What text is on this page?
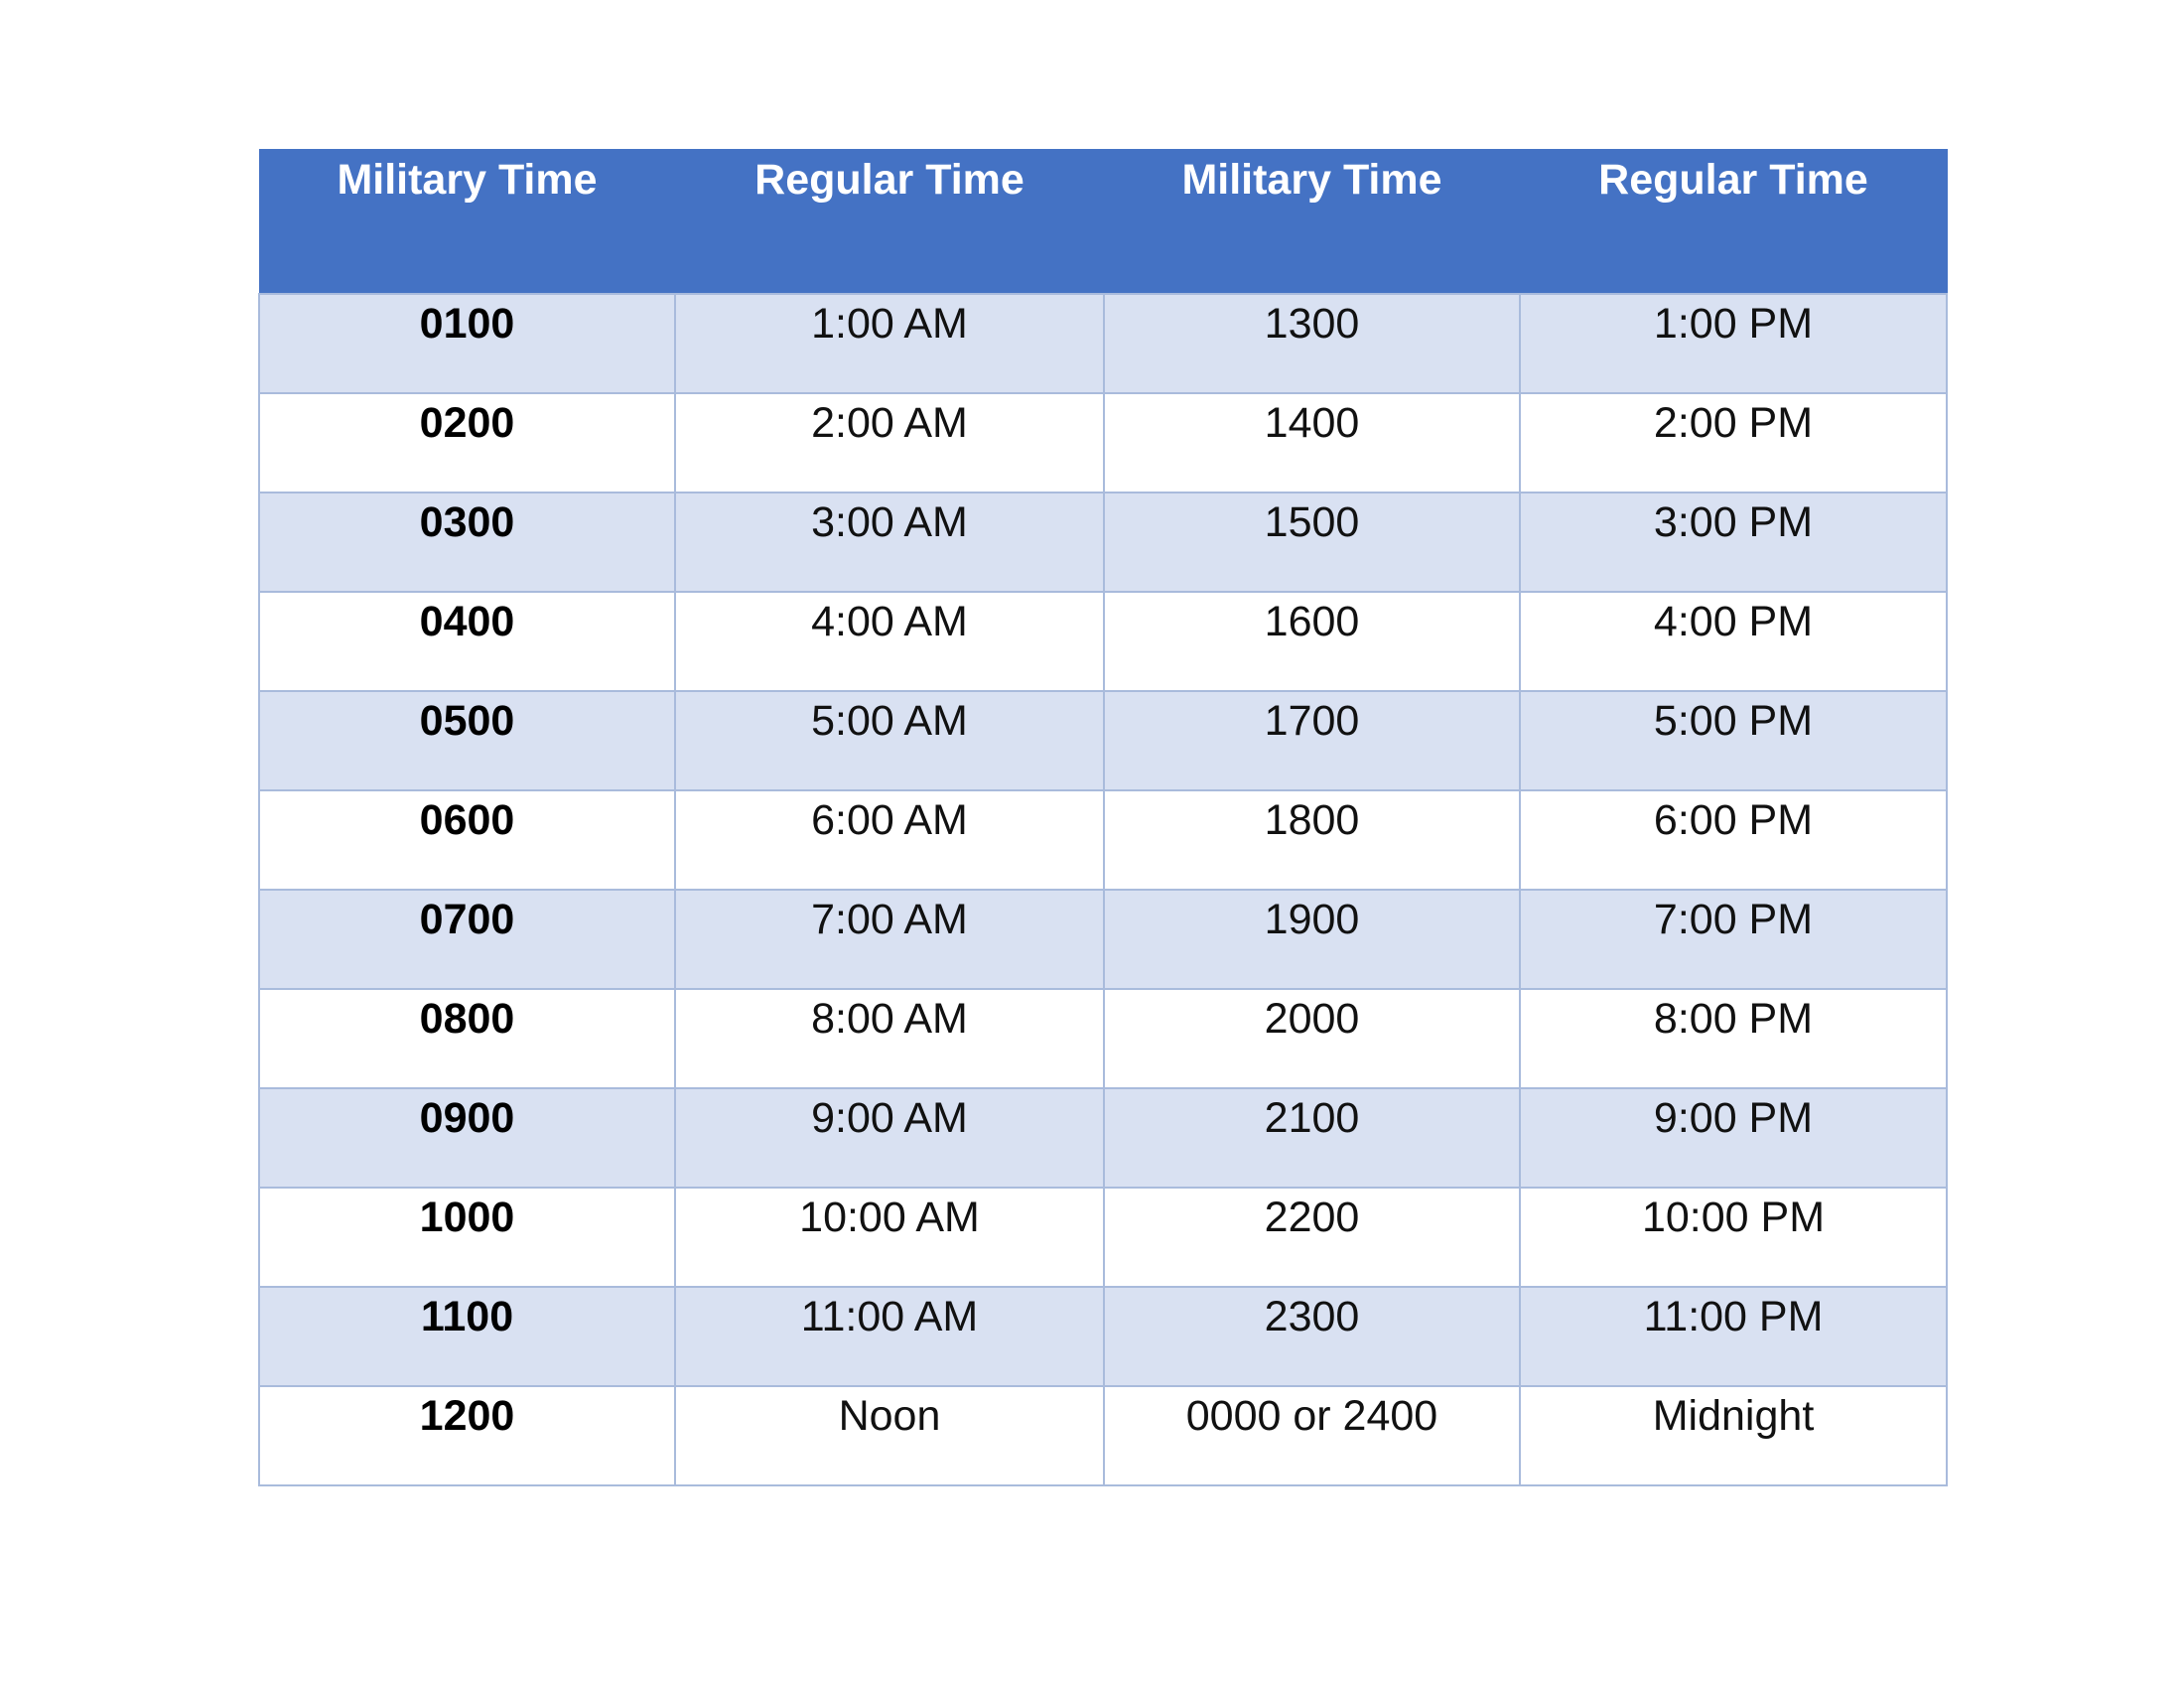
Military Time	Regular Time	Military Time	Regular Time
0100	1:00 AM	1300	1:00 PM
0200	2:00 AM	1400	2:00 PM
0300	3:00 AM	1500	3:00 PM
0400	4:00 AM	1600	4:00 PM
0500	5:00 AM	1700	5:00 PM
0600	6:00 AM	1800	6:00 PM
0700	7:00 AM	1900	7:00 PM
0800	8:00 AM	2000	8:00 PM
0900	9:00 AM	2100	9:00 PM
1000	10:00 AM	2200	10:00 PM
1100	11:00 AM	2300	11:00 PM
1200	Noon	0000 or 2400	Midnight
